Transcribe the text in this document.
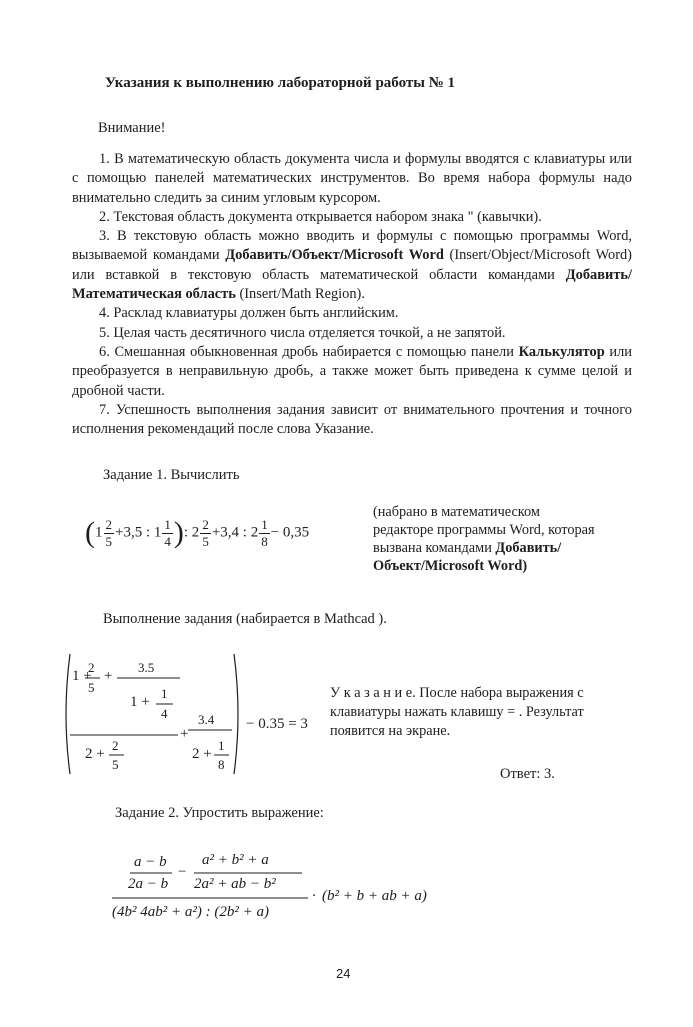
Указания к выполнению лабораторной работы № 1
Внимание!
1. В математическую область документа числа и формулы вводятся с клавиатуры или с помощью панелей математических инструментов. Во время набора формулы надо внимательно следить за синим угловым курсором.
2. Текстовая область документа открывается набором знака " (кавычки).
3. В текстовую область можно вводить и формулы с помощью программы Word, вызываемой командами Добавить/Объект/Microsoft Word (Insert/Object/Microsoft Word) или вставкой в текстовую область математической области командами Добавить/Математическая область (Insert/Math Region).
4. Расклад клавиатуры должен быть английским.
5. Целая часть десятичного числа отделяется точкой, а не запятой.
6. Смешанная обыкновенная дробь набирается с помощью панели Калькулятор или преобразуется в неправильную дробь, а также может быть приведена к сумме целой и дробной части.
7. Успешность выполнения задания зависит от внимательного прочтения и точного исполнения рекомендаций после слова Указание.
Задание 1. Вычислить
($1 \frac{2}{5} +3,5$ : $1 \frac{1}{4}$ ): $2 \frac{2}{5} +3,4$ : $2 \frac{1}{8} - 0,35$
(набрано в математическом редакторе программы Word, которая вызвана командами Добавить/Объект/Microsoft Word)
Выполнение задания (набирается в Mathcad ).
1 +
2
5
+
3.5
1 +
1
4
2 +
2
5
+
3.4
2 +
1
8
− 0.35 = 3
У к а з а н и е. После набора выражения с клавиатуры нажать клавишу = . Результат появится на экране.
Ответ: 3.
Задание 2. Упростить выражение:
a − b
2a − b
−
a² + b² + a
2a² + ab − b²
(4b² 4ab² + a²) : (2b² + a)
· (b² + b + ab + a)
24
